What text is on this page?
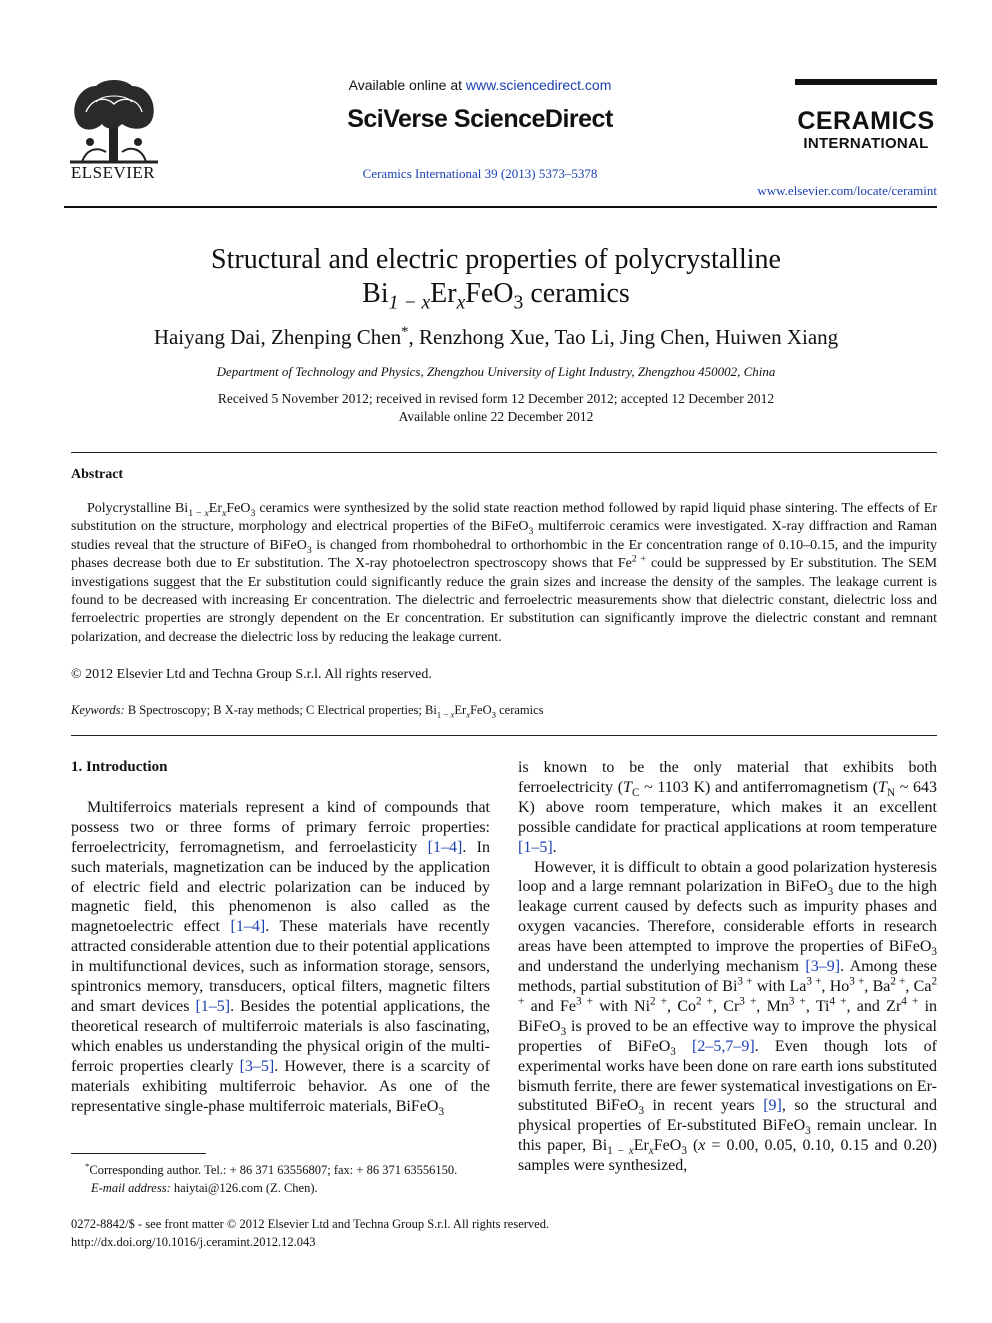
ELSEVIER
Available online at www.sciencedirect.com
SciVerse ScienceDirect
Ceramics International 39 (2013) 5373–5378
CERAMICS
INTERNATIONAL
www.elsevier.com/locate/ceramint
Structural and electric properties of polycrystalline
$Bi_{1 - x}Er_xFeO_3$ ceramics
Haiyang Dai, Zhenping Chen*, Renzhong Xue, Tao Li, Jing Chen, Huiwen Xiang
Department of Technology and Physics, Zhengzhou University of Light Industry, Zhengzhou 450002, China
Received 5 November 2012; received in revised form 12 December 2012; accepted 12 December 2012
Available online 22 December 2012
Abstract
Polycrystalline $Bi_{1 - x}Er_xFeO_3$ ceramics were synthesized by the solid state reaction method followed by rapid liquid phase sintering. The effects of Er substitution on the structure, morphology and electrical properties of the BiFeO$_3$ multiferroic ceramics were investigated. X-ray diffraction and Raman studies reveal that the structure of BiFeO$_3$ is changed from rhombohedral to orthorhombic in the Er concentration range of 0.10–0.15, and the impurity phases decrease both due to Er substitution. The X-ray photoelectron spectroscopy shows that $Fe^{2 +}$ could be suppressed by Er substitution. The SEM investigations suggest that the Er substitution could significantly reduce the grain sizes and increase the density of the samples. The leakage current is found to be decreased with increasing Er concentration. The dielectric and ferroelectric measurements show that dielectric constant, dielectric loss and ferroelectric properties are strongly dependent on the Er concentration. Er substitution can significantly improve the dielectric constant and remnant polarization, and decrease the dielectric loss by reducing the leakage current.
© 2012 Elsevier Ltd and Techna Group S.r.l. All rights reserved.
Keywords: B Spectroscopy; B X-ray methods; C Electrical properties; $Bi_{1 - x}Er_xFeO_3$ ceramics
1. Introduction

Multiferroics materials represent a kind of compounds that possess two or three forms of primary ferroic properties: ferroelectricity, ferromagnetism, and ferroelasticity [1–4]. In such materials, magnetization can be induced by the application of electric field and electric polarization can be induced by magnetic field, this phenomenon is also called as the magnetoelectric effect [1–4]. These materials have recently attracted considerable attention due to their potential applications in multifunctional devices, such as information storage, sensors, spintronics memory, transducers, optical filters, magnetic filters and smart devices [1–5]. Besides the potential applications, the theoretical research of multiferroic materials is also fascinating, which enables us understanding the physical origin of the multiferroic properties clearly [3–5]. However, there is a scarcity of materials exhibiting multiferroic behavior. As one of the representative single-phase multiferroic materials, BiFeO$_3$

*Corresponding author. Tel.: + 86 371 63556807; fax: + 86 371 63556150.
E-mail address: haiytai@126.com (Z. Chen).

is known to be the only material that exhibits both ferroelectricity ($T_C$ ~ 1103 K) and antiferromagnetism ($T_N$ ~ 643 K) above room temperature, which makes it an excellent possible candidate for practical applications at room temperature [1–5].

However, it is difficult to obtain a good polarization hysteresis loop and a large remnant polarization in BiFeO$_3$ due to the high leakage current caused by defects such as impurity phases and oxygen vacancies. Therefore, considerable efforts in research areas have been attempted to improve the properties of BiFeO$_3$ and understand the underlying mechanism [3–9]. Among these methods, partial substitution of $Bi^{3 +}$ with $La^{3 +}$, $Ho^{3 +}$, $Ba^{2 +}$, $Ca^{2 +}$ and $Fe^{3 +}$ with $Ni^{2 +}$, $Co^{2 +}$, $Cr^{3 +}$, $Mn^{3 +}$, $Ti^{4 +}$, and $Zr^{4 +}$ in BiFeO$_3$ is proved to be an effective way to improve the physical properties of BiFeO$_3$ [2–5,7–9]. Even though lots of experimental works have been done on rare earth ions substituted bismuth ferrite, there are fewer systematical investigations on Er-substituted BiFeO$_3$ in recent years [9], so the structural and physical properties of Er-substituted BiFeO$_3$ remain unclear. In this paper, $Bi_{1 - x}Er_xFeO_3$ (x = 0.00, 0.05, 0.10, 0.15 and 0.20) samples were synthesized,

0272-8842/$ - see front matter © 2012 Elsevier Ltd and Techna Group S.r.l. All rights reserved.
http://dx.doi.org/10.1016/j.ceramint.2012.12.043
